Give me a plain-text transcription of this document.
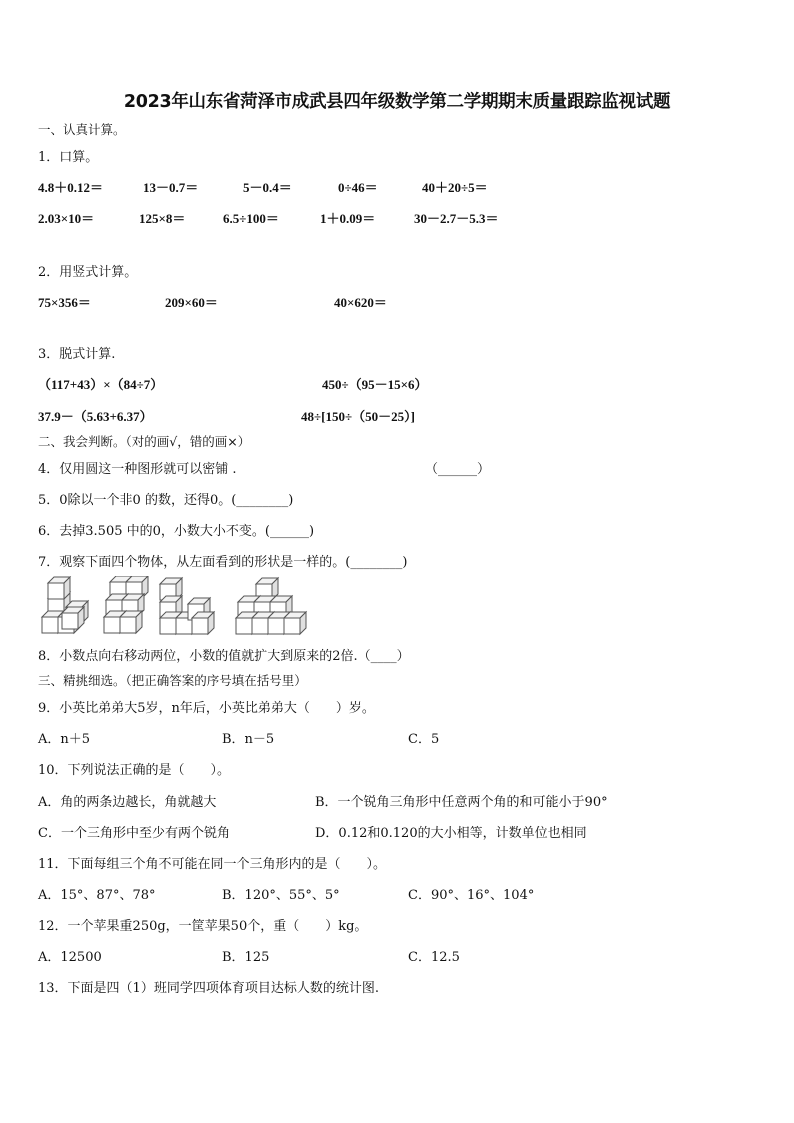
2023年山东省菏泽市成武县四年级数学第二学期期末质量跟踪监视试题
一、认真计算。
1．口算。
4.8＋0.12＝	13－0.7＝	5－0.4＝	0÷46＝	40＋20÷5＝
2.03×10＝	125×8＝	6.5÷100＝	1＋0.09＝	30－2.7－5.3＝
2．用竖式计算。
75×356＝	209×60＝	40×620＝
3．脱式计算.
（117+43）×（84÷7）	450÷（95－15×6）
37.9－（5.63+6.37）	48÷[150÷（50－25）]
二、我会判断。（对的画√，错的画×）
4．仅用圆这一种图形就可以密铺 .　　　　　　　　　　　　　　　（______）
5．0除以一个非0 的数，还得0。(________)
6．去掉3.505 中的0，小数大小不变。(______)
7．观察下面四个物体，从左面看到的形状是一样的。(________)
8．小数点向右移动两位，小数的值就扩大到原来的2倍.（____）
三、精挑细选。（把正确答案的序号填在括号里）
9．小英比弟弟大5岁，n年后，小英比弟弟大（　　）岁。
A．n＋5	B．n－5	C．5
10．下列说法正确的是（　　）。
A．角的两条边越长，角就越大	B．一个锐角三角形中任意两个角的和可能小于90°
C．一个三角形中至少有两个锐角	D．0.12和0.120的大小相等，计数单位也相同
11．下面每组三个角不可能在同一个三角形内的是（　　）。
A．15°、87°、78°	B．120°、55°、5°	C．90°、16°、104°
12．一个苹果重250g，一筐苹果50个，重（　　）kg。
A．12500	B．125	C．12.5
13．下面是四（1）班同学四项体育项目达标人数的统计图.
